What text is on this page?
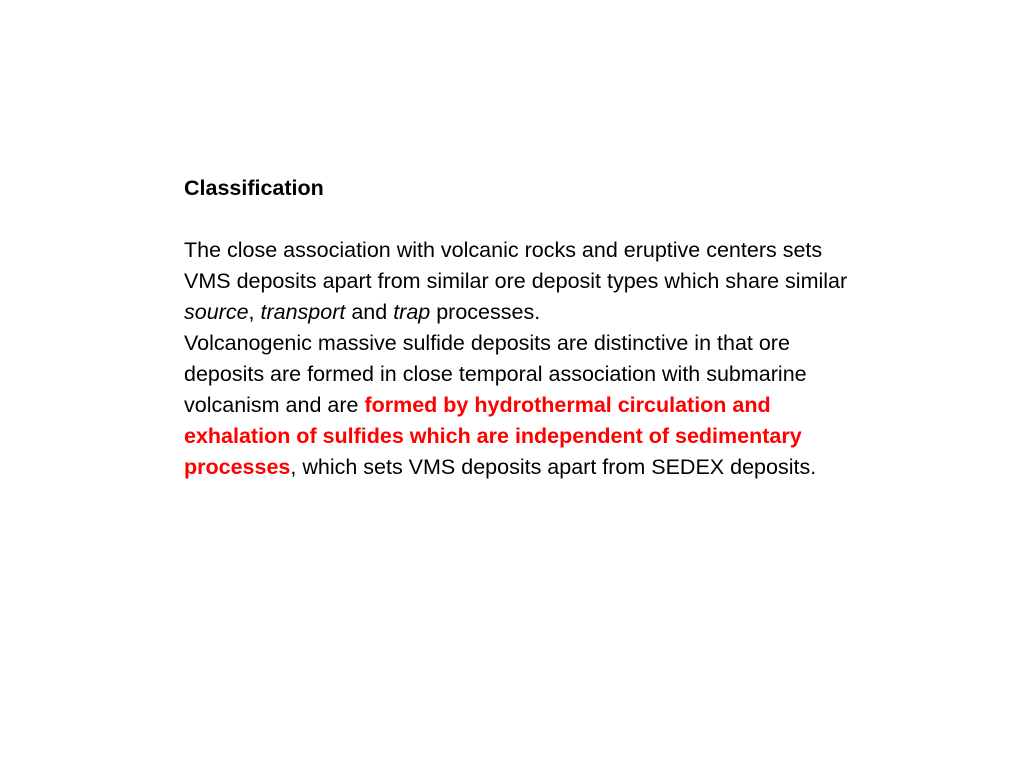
Classification

The close association with volcanic rocks and eruptive centers sets VMS deposits apart from similar ore deposit types which share similar source, transport and trap processes.

Volcanogenic massive sulfide deposits are distinctive in that ore deposits are formed in close temporal association with submarine volcanism and are formed by hydrothermal circulation and exhalation of sulfides which are independent of sedimentary processes, which sets VMS deposits apart from SEDEX deposits.
